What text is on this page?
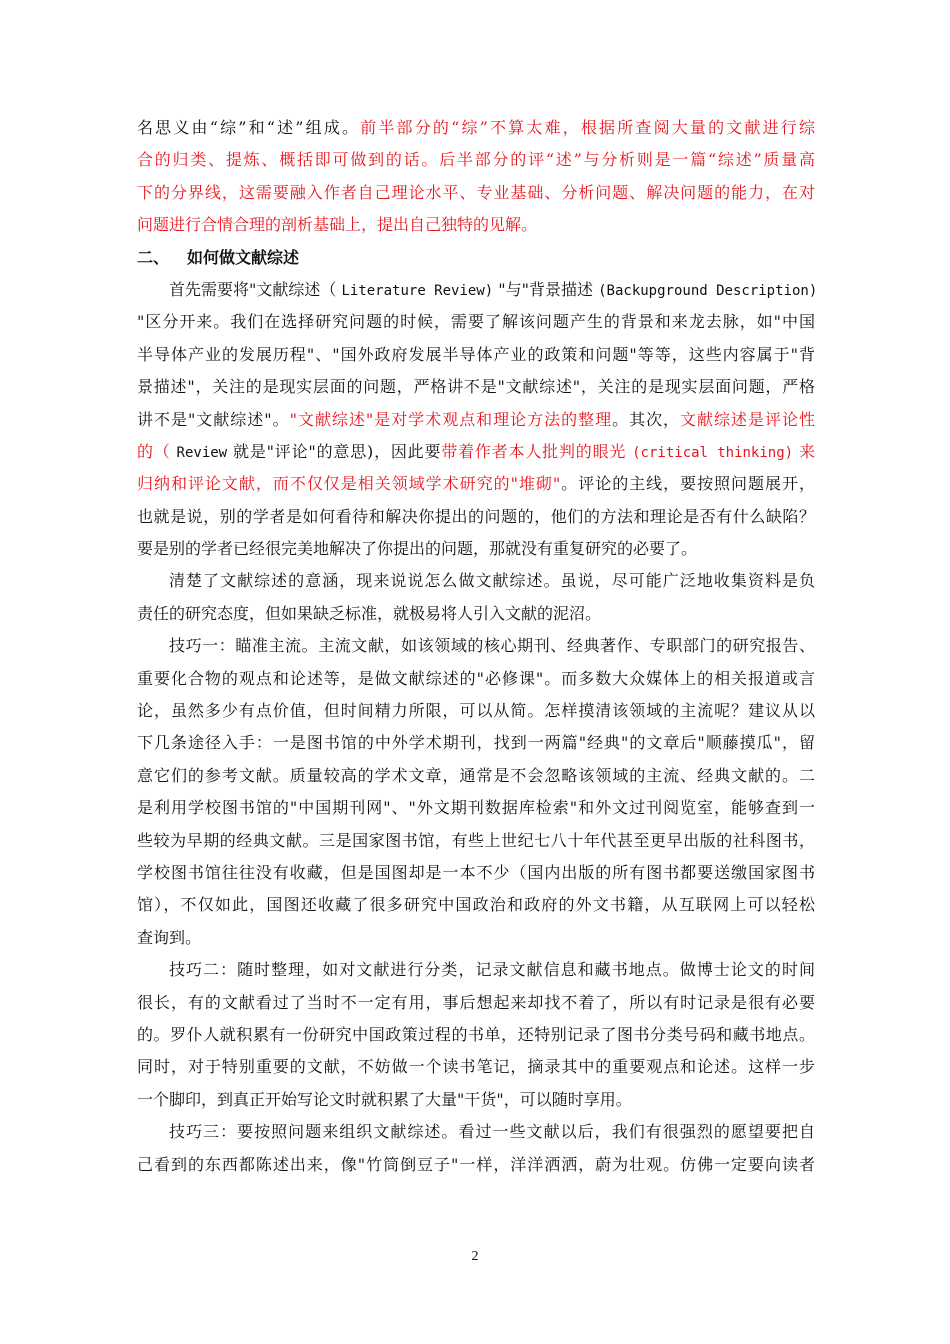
名思义由“综”和“述”组成。前半部分的“综”不算太难，根据所查阅大量的文献进行综
合的归类、提炼、概括即可做到的话。后半部分的评“述”与分析则是一篇“综述”质量高
下的分界线，这需要融入作者自己理论水平、专业基础、分析问题、解决问题的能力，在对
问题进行合情合理的剖析基础上，提出自己独特的见解。
二、 如何做文献综述
首先需要将"文献综述（ Literature Review) "与"背景描述 (Backupground Description)
"区分开来。我们在选择研究问题的时候，需要了解该问题产生的背景和来龙去脉，如"中国
半导体产业的发展历程"、"国外政府发展半导体产业的政策和问题"等等，这些内容属于"背
景描述"，关注的是现实层面的问题，严格讲不是"文献综述"，关注的是现实层面问题，严格
讲不是"文献综述"。"文献综述"是对学术观点和理论方法的整理。其次，文献综述是评论性
的（ Review 就是"评论"的意思)，因此要带着作者本人批判的眼光 (critical thinking) 来
归纳和评论文献，而不仅仅是相关领域学术研究的"堆砌"。评论的主线，要按照问题展开，
也就是说，别的学者是如何看待和解决你提出的问题的，他们的方法和理论是否有什么缺陷？
要是别的学者已经很完美地解决了你提出的问题，那就没有重复研究的必要了。
清楚了文献综述的意涵，现来说说怎么做文献综述。虽说，尽可能广泛地收集资料是负
责任的研究态度，但如果缺乏标准，就极易将人引入文献的泥沼。
技巧一：瞄准主流。主流文献，如该领域的核心期刊、经典著作、专职部门的研究报告、
重要化合物的观点和论述等，是做文献综述的"必修课"。而多数大众媒体上的相关报道或言
论，虽然多少有点价值，但时间精力所限，可以从简。怎样摸清该领域的主流呢？建议从以
下几条途径入手：一是图书馆的中外学术期刊，找到一两篇"经典"的文章后"顺藤摸瓜"，留
意它们的参考文献。质量较高的学术文章，通常是不会忽略该领域的主流、经典文献的。二
是利用学校图书馆的"中国期刊网"、"外文期刊数据库检索"和外文过刊阅览室，能够查到一
些较为早期的经典文献。三是国家图书馆，有些上世纪七八十年代甚至更早出版的社科图书，
学校图书馆往往没有收藏，但是国图却是一本不少（国内出版的所有图书都要送缴国家图书
馆），不仅如此，国图还收藏了很多研究中国政治和政府的外文书籍，从互联网上可以轻松
查询到。
技巧二：随时整理，如对文献进行分类，记录文献信息和藏书地点。做博士论文的时间
很长，有的文献看过了当时不一定有用，事后想起来却找不着了，所以有时记录是很有必要
的。罗仆人就积累有一份研究中国政策过程的书单，还特别记录了图书分类号码和藏书地点。
同时，对于特别重要的文献，不妨做一个读书笔记，摘录其中的重要观点和论述。这样一步
一个脚印，到真正开始写论文时就积累了大量"干货"，可以随时享用。
技巧三：要按照问题来组织文献综述。看过一些文献以后，我们有很强烈的愿望要把自
己看到的东西都陈述出来，像"竹筒倒豆子"一样，洋洋洒洒，蔚为壮观。仿佛一定要向读者
2
